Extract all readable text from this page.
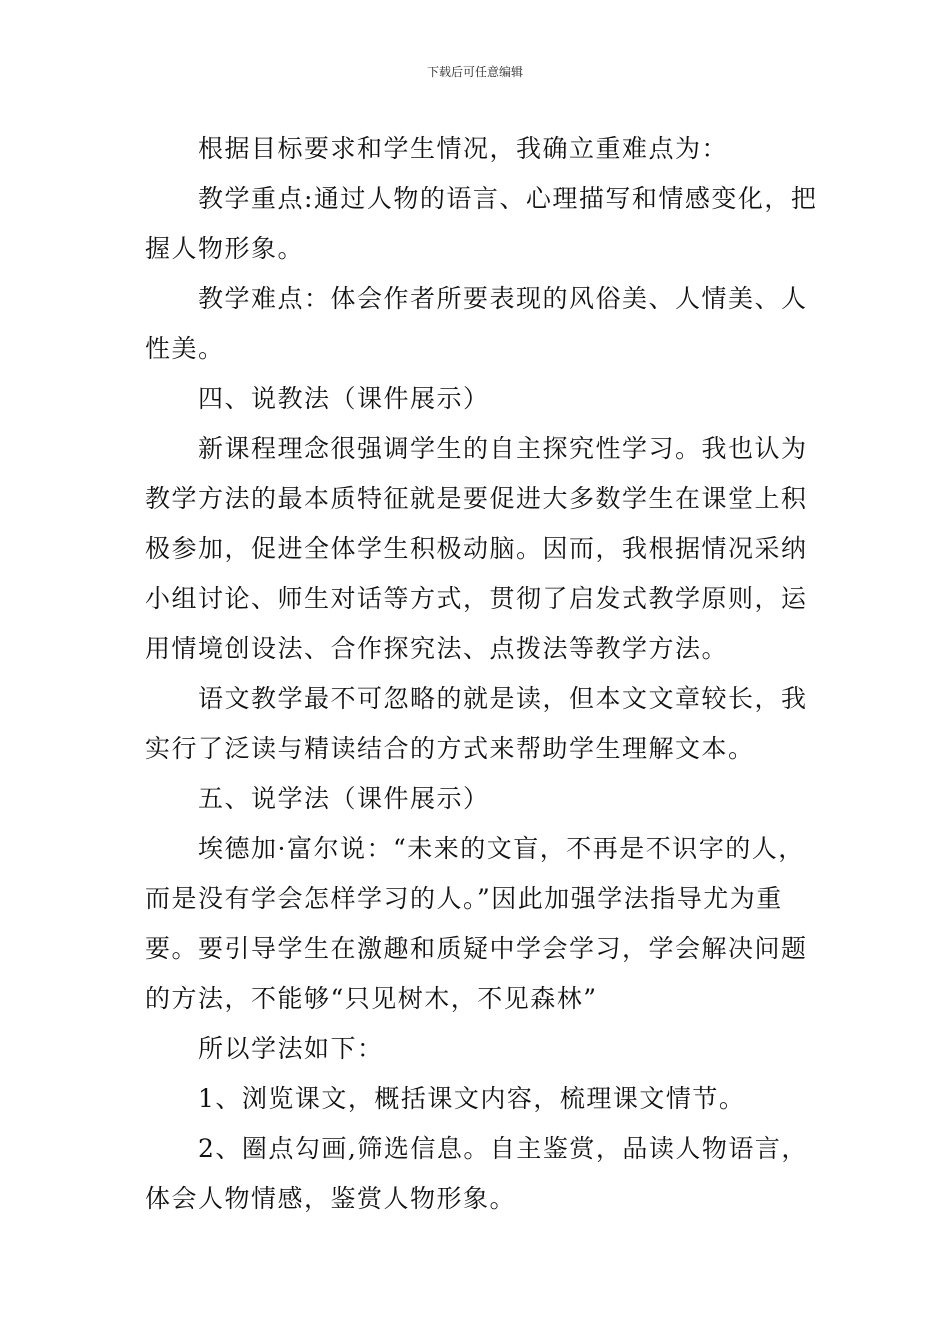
下载后可任意编辑
根据目标要求和学生情况，我确立重难点为：
教学重点:通过人物的语言、心理描写和情感变化，把
握人物形象。
教学难点：体会作者所要表现的风俗美、人情美、人
性美。
四、说教法（课件展示）
新课程理念很强调学生的自主探究性学习。我也认为
教学方法的最本质特征就是要促进大多数学生在课堂上积
极参加，促进全体学生积极动脑。因而，我根据情况采纳
小组讨论、师生对话等方式，贯彻了启发式教学原则，运
用情境创设法、合作探究法、点拨法等教学方法。
语文教学最不可忽略的就是读，但本文文章较长，我
实行了泛读与精读结合的方式来帮助学生理解文本。
五、说学法（课件展示）
埃德加·富尔说：“未来的文盲，不再是不识字的人，
而是没有学会怎样学习的人。”因此加强学法指导尤为重
要。要引导学生在激趣和质疑中学会学习，学会解决问题
的方法，不能够“只见树木，不见森林”
所以学法如下：
1、浏览课文，概括课文内容，梳理课文情节。
2、圈点勾画,筛选信息。自主鉴赏，品读人物语言，
体会人物情感，鉴赏人物形象。
